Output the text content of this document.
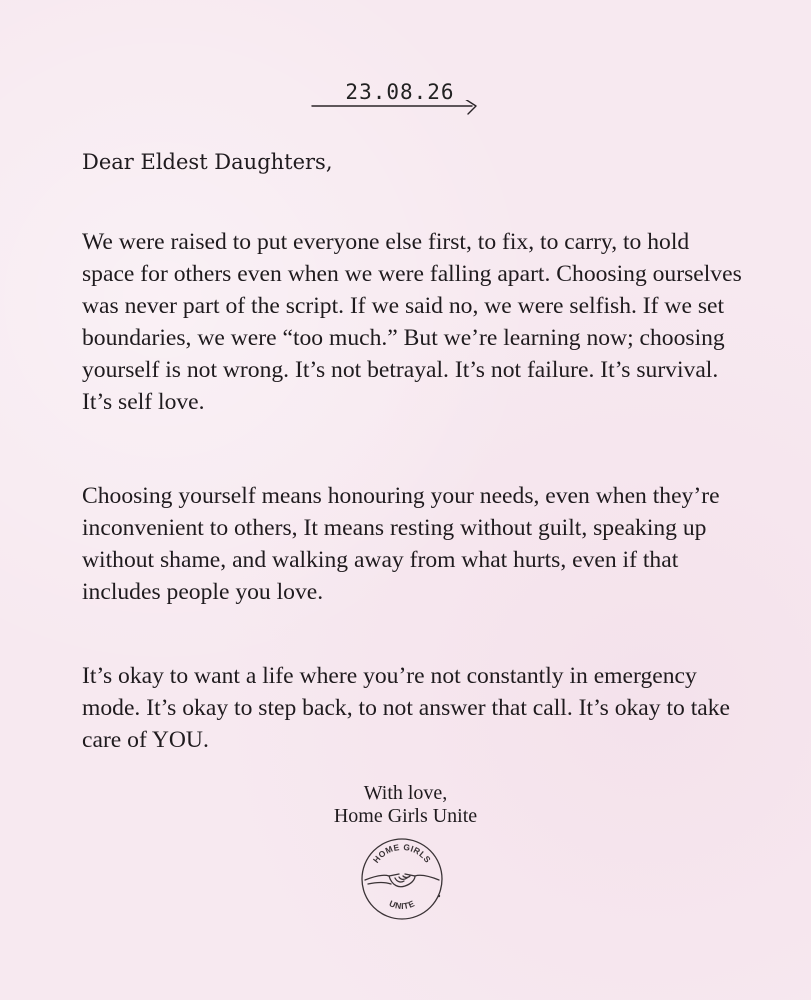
23.08.26
Dear Eldest Daughters,

We were raised to put everyone else first, to fix, to carry, to hold space for others even when we were falling apart. Choosing ourselves was never part of the script. If we said no, we were selfish. If we set boundaries, we were “too much.” But we’re learning now; choosing yourself is not wrong. It’s not betrayal. It’s not failure. It’s survival. It’s self love.

Choosing yourself means honouring your needs, even when they’re inconvenient to others, It means resting without guilt, speaking up without shame, and walking away from what hurts, even if that includes people you love.

It’s okay to want a life where you’re not constantly in emergency mode. It’s okay to step back, to not answer that call. It’s okay to take care of YOU.

With love,
Home Girls Unite
HOME GIRLS
UNITE
